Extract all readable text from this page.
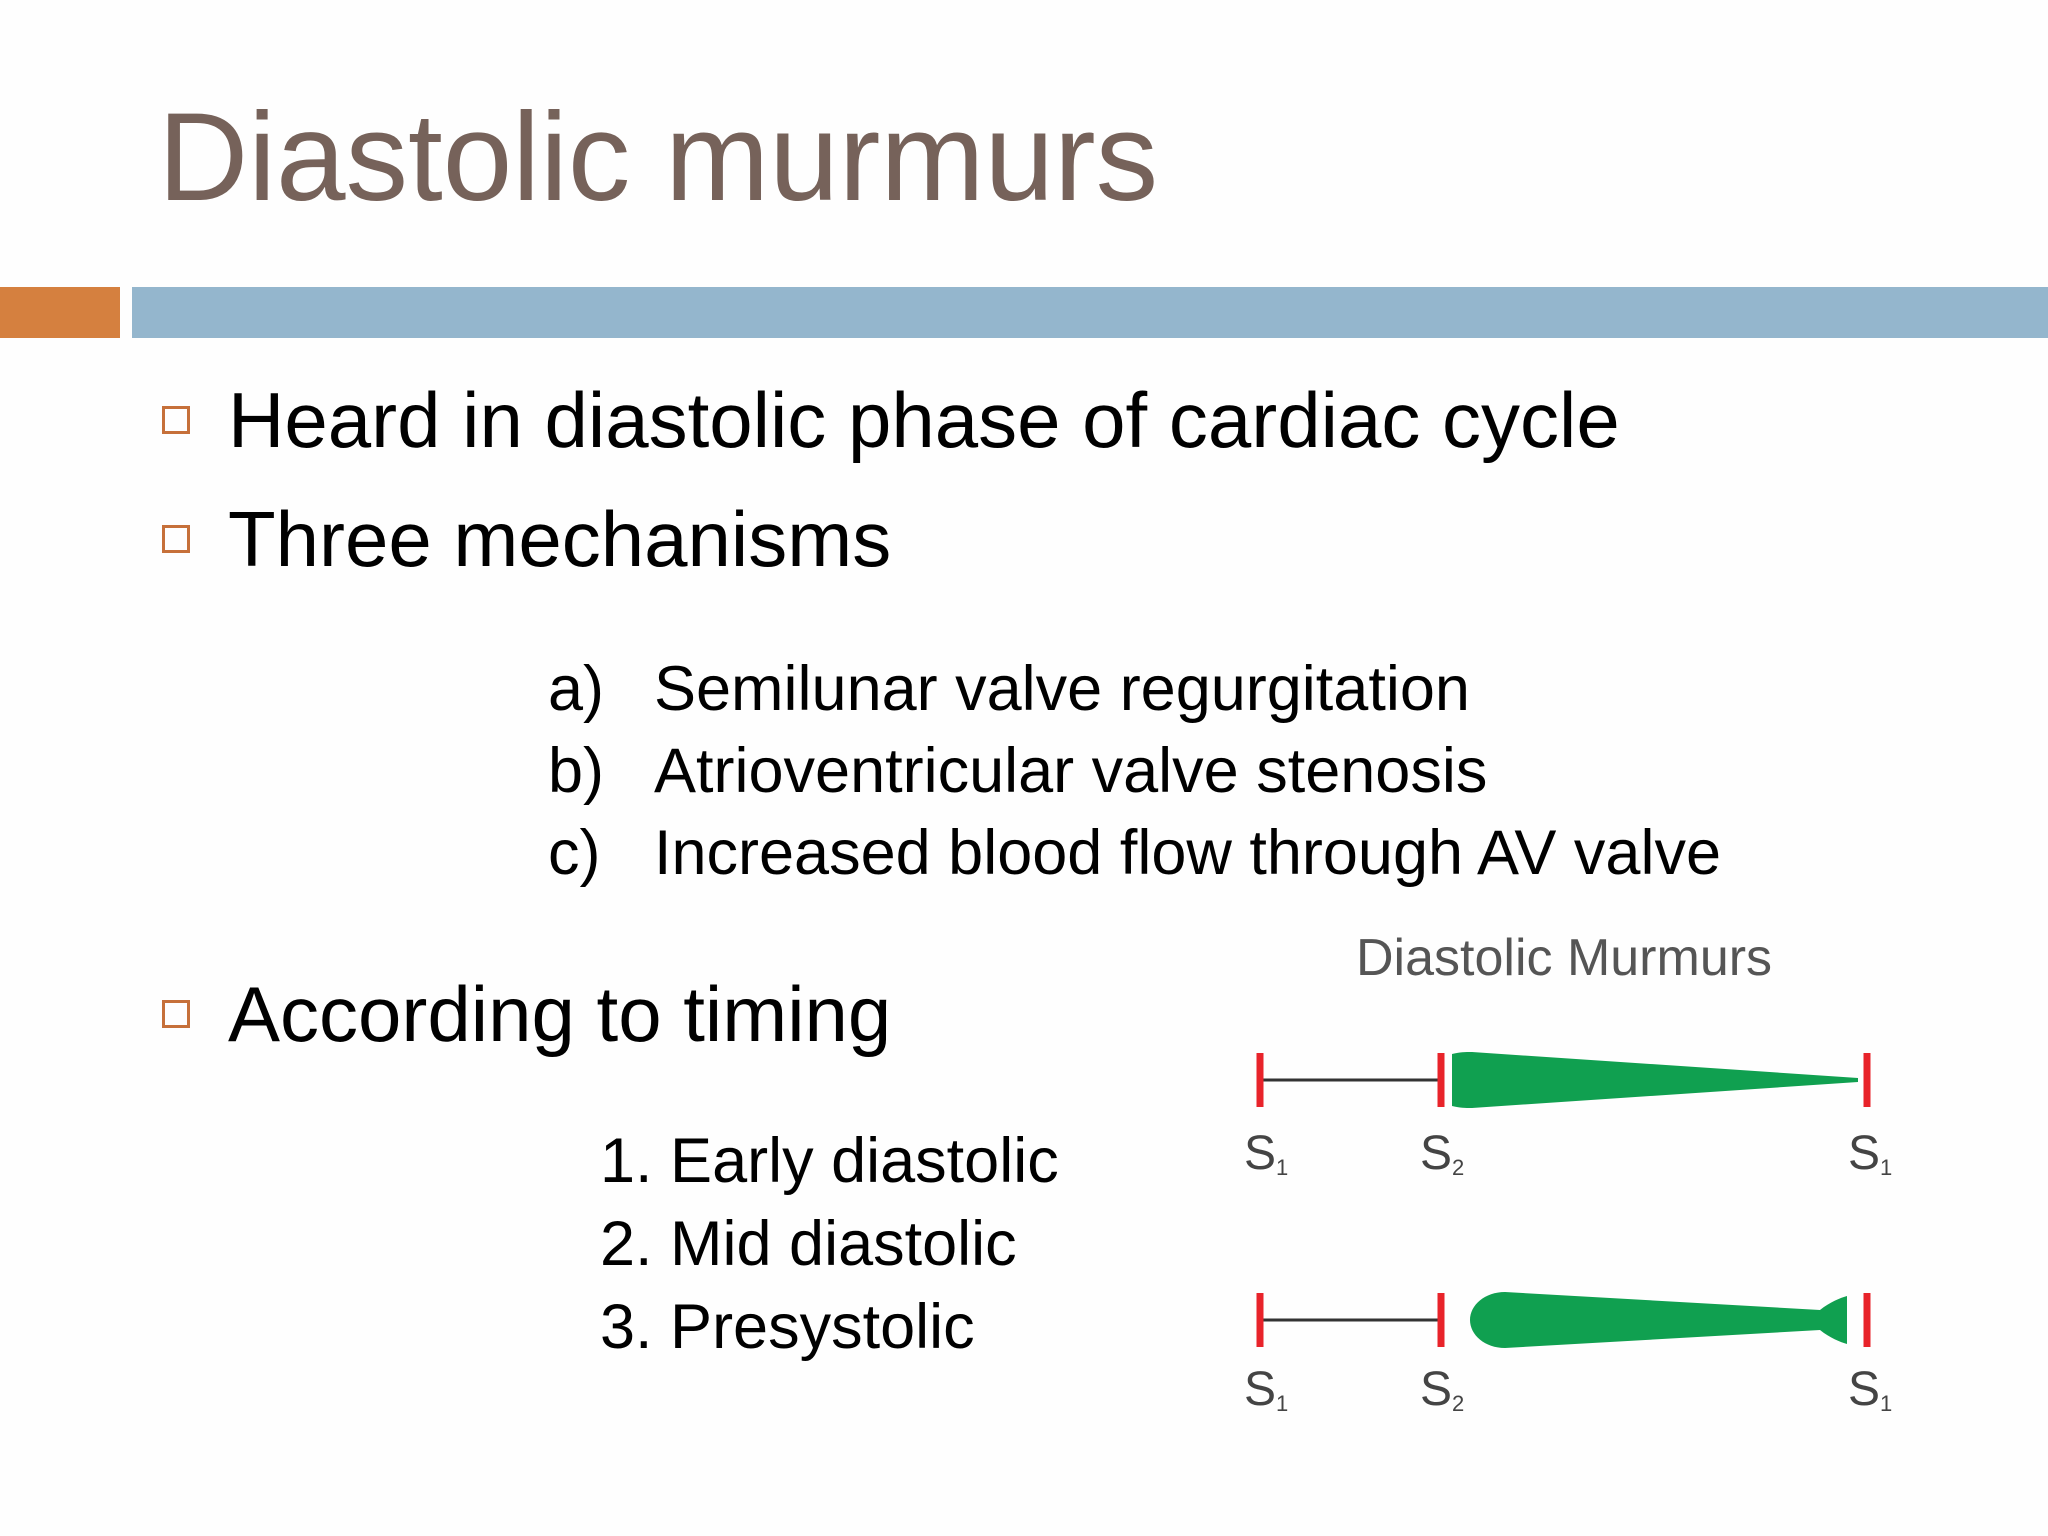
Diastolic murmurs
Heard in diastolic phase of cardiac cycle
Three mechanisms
a) Semilunar valve regurgitation
b) Atrioventricular valve stenosis
c) Increased blood flow through AV valve
According to timing
1. Early diastolic
2. Mid diastolic
3. Presystolic
Diastolic Murmurs
$S_1$	$S_2$	$S_1$
$S_1$	$S_2$	$S_1$
